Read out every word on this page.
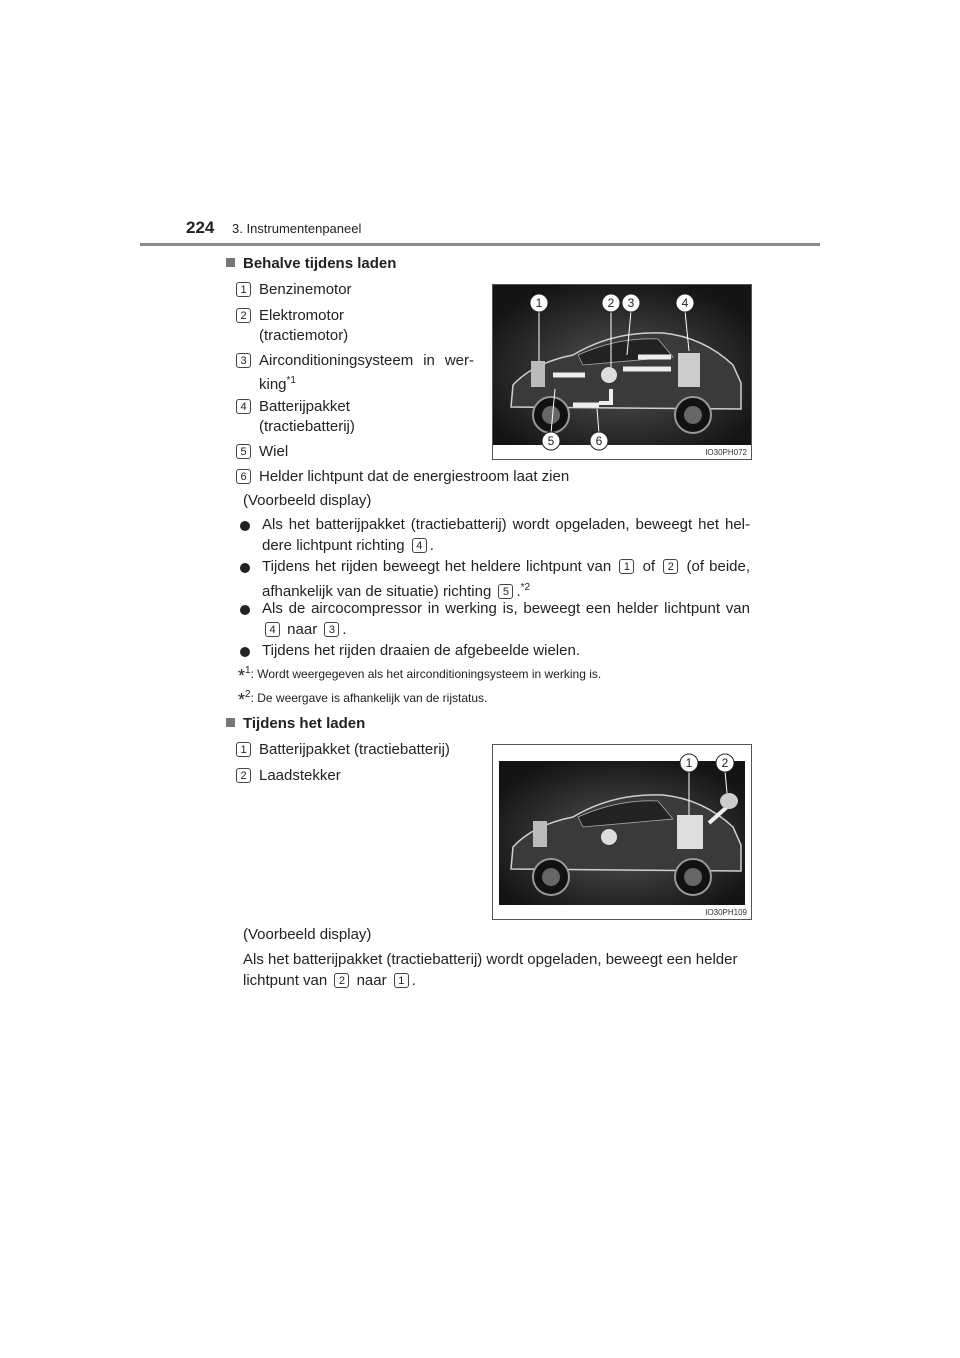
224 3. Instrumentenpaneel
Behalve tijdens laden
1 Benzinemotor
2 Elektromotor (tractiemotor)
3 Airconditioningsysteem in wer-king$^{*1}$
4 Batterijpakket (tractiebatterij)
5 Wiel
6 Helder lichtpunt dat de energiestroom laat zien
1	2 3	4
5	6
IO30PH072
(Voorbeeld display)
Als het batterijpakket (tractiebatterij) wordt opgeladen, beweegt het hel-dere lichtpunt richting 4 .
Tijdens het rijden beweegt het heldere lichtpunt van 1 of 2 (of beide, afhankelijk van de situatie) richting 5 .$^{*2}$
Als de aircocompressor in werking is, beweegt een helder lichtpunt van 4 naar 3 .
Tijdens het rijden draaien de afgebeelde wielen.
*$^1$: Wordt weergegeven als het airconditioningsysteem in werking is.
*$^2$: De weergave is afhankelijk van de rijstatus.
Tijdens het laden
1 Batterijpakket (tractiebatterij)
2 Laadstekker
1 2
IO30PH109
(Voorbeeld display)
Als het batterijpakket (tractiebatterij) wordt opgeladen, beweegt een helder lichtpunt van 2 naar 1 .
